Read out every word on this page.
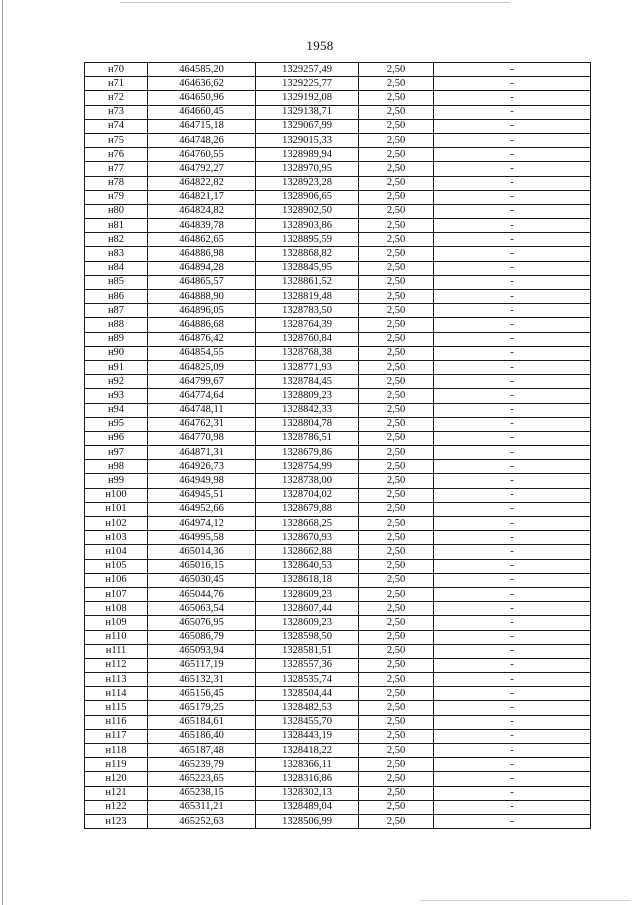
1958
н70	464585,20	1329257,49	2,50	-
н71	464636,62	1329225,77	2,50	-
н72	464650,96	1329192,08	2,50	-
н73	464660,45	1329138,71	2,50	-
н74	464715,18	1329067,99	2,50	-
н75	464748,26	1329015,33	2,50	-
н76	464760,55	1328989,94	2,50	-
н77	464792,27	1328970,95	2,50	-
н78	464822,82	1328923,28	2,50	-
н79	464821,17	1328906,65	2,50	-
н80	464824,82	1328902,50	2,50	-
н81	464839,78	1328903,86	2,50	-
н82	464862,65	1328895,59	2,50	-
н83	464886,98	1328868,82	2,50	-
н84	464894,28	1328845,95	2,50	-
н85	464865,57	1328861,52	2,50	-
н86	464888,90	1328819,48	2,50	-
н87	464896,05	1328783,50	2,50	-
н88	464886,68	1328764,39	2,50	-
н89	464876,42	1328760,84	2,50	-
н90	464854,55	1328768,38	2,50	-
н91	464825,09	1328771,93	2,50	-
н92	464799,67	1328784,45	2,50	-
н93	464774,64	1328809,23	2,50	-
н94	464748,11	1328842,33	2,50	-
н95	464762,31	1328804,78	2,50	-
н96	464770,98	1328786,51	2,50	-
н97	464871,31	1328679,86	2,50	-
н98	464926,73	1328754,99	2,50	-
н99	464949,98	1328738,00	2,50	-
н100	464945,51	1328704,02	2,50	-
н101	464952,66	1328679,88	2,50	-
н102	464974,12	1328668,25	2,50	-
н103	464995,58	1328670,93	2,50	-
н104	465014,36	1328662,88	2,50	-
н105	465016,15	1328640,53	2,50	-
н106	465030,45	1328618,18	2,50	-
н107	465044,76	1328609,23	2,50	-
н108	465063,54	1328607,44	2,50	-
н109	465076,95	1328609,23	2,50	-
н110	465086,79	1328598,50	2,50	-
н111	465093,94	1328581,51	2,50	-
н112	465117,19	1328557,36	2,50	-
н113	465132,31	1328535,74	2,50	-
н114	465156,45	1328504,44	2,50	-
н115	465179,25	1328482,53	2,50	-
н116	465184,61	1328455,70	2,50	-
н117	465186,40	1328443,19	2,50	-
н118	465187,48	1328418,22	2,50	-
н119	465239,79	1328366,11	2,50	-
н120	465223,65	1328316,86	2,50	-
н121	465238,15	1328302,13	2,50	-
н122	465311,21	1328489,04	2,50	-
н123	465252,63	1328506,99	2,50	-
